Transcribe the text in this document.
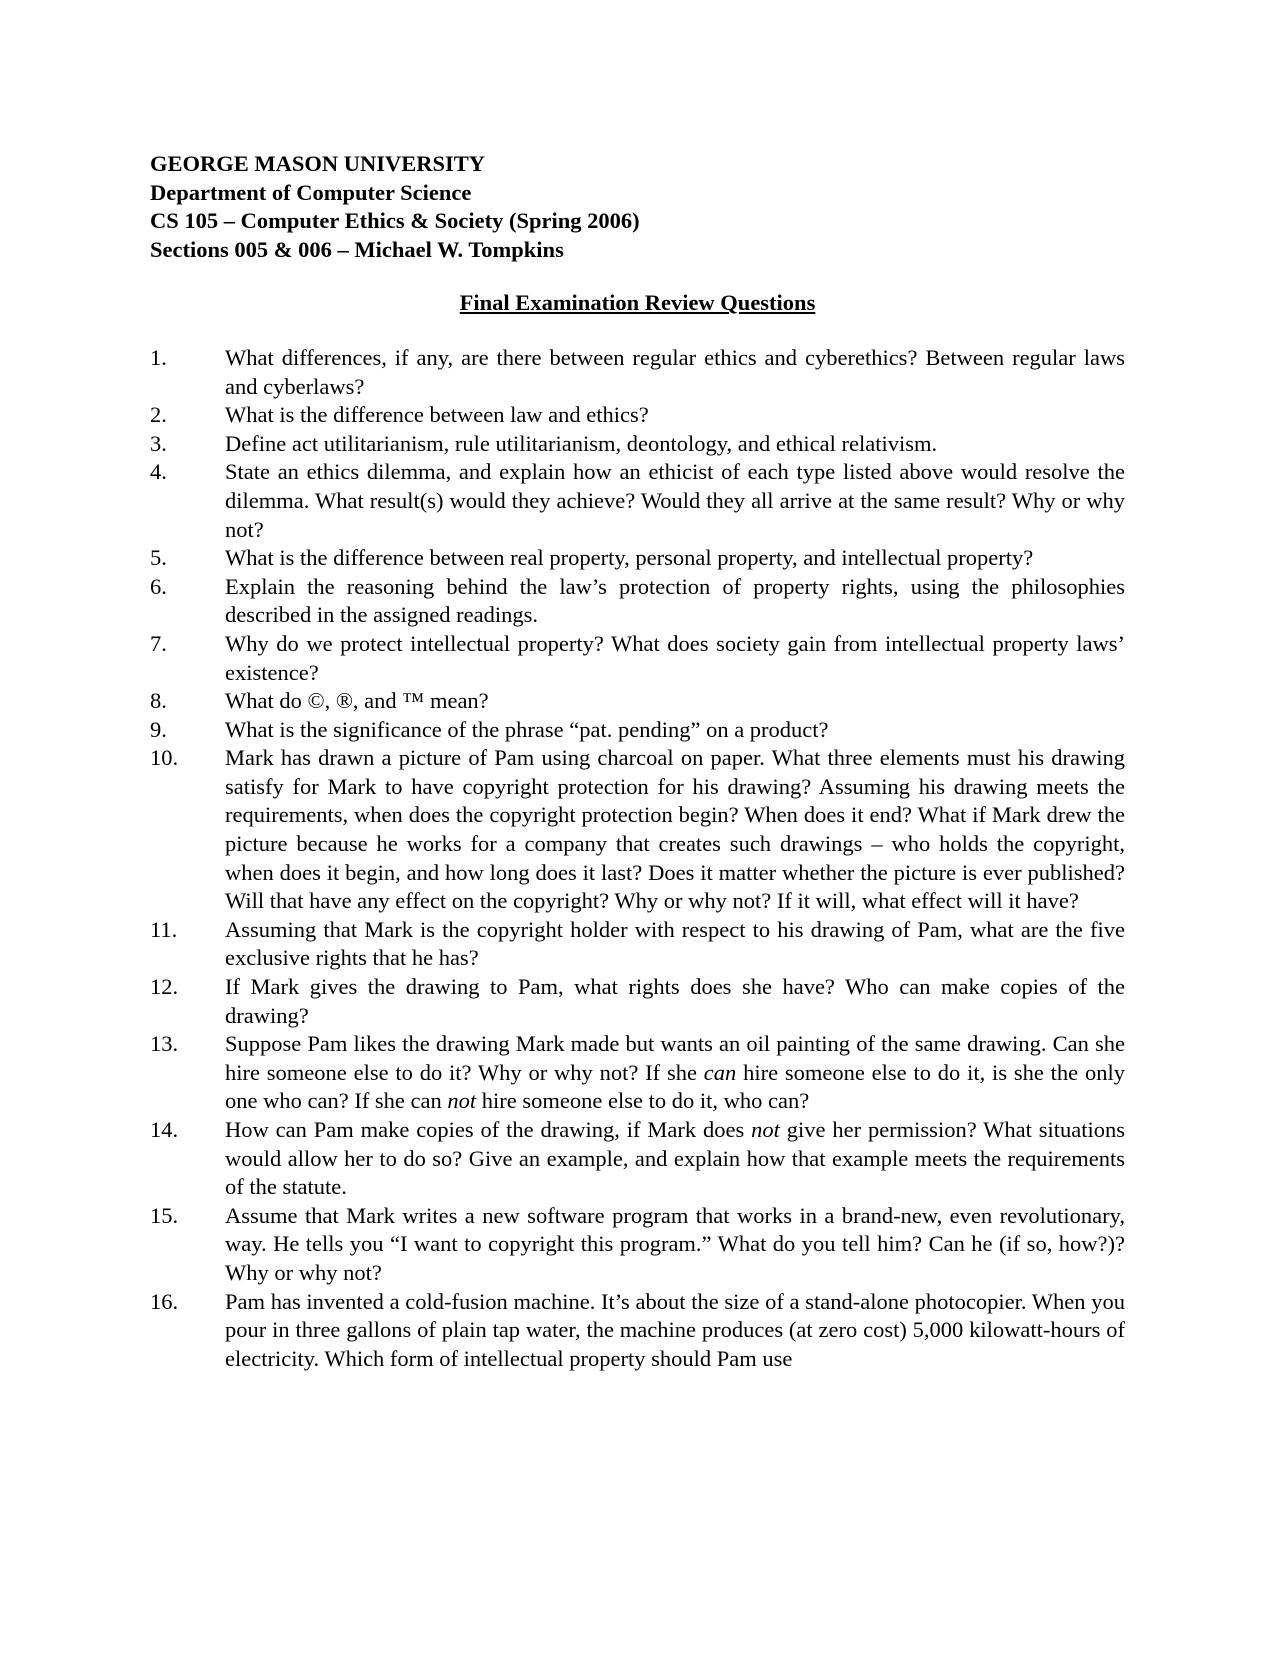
GEORGE MASON UNIVERSITY
Department of Computer Science
CS 105 – Computer Ethics & Society (Spring 2006)
Sections 005 & 006 – Michael W. Tompkins
Final Examination Review Questions
1.	What differences, if any, are there between regular ethics and cyberethics? Between regular laws and cyberlaws?
2.	What is the difference between law and ethics?
3.	Define act utilitarianism, rule utilitarianism, deontology, and ethical relativism.
4.	State an ethics dilemma, and explain how an ethicist of each type listed above would resolve the dilemma. What result(s) would they achieve? Would they all arrive at the same result? Why or why not?
5.	What is the difference between real property, personal property, and intellectual property?
6.	Explain the reasoning behind the law’s protection of property rights, using the philosophies described in the assigned readings.
7.	Why do we protect intellectual property? What does society gain from intellectual property laws’ existence?
8.	What do ©, ®, and ™ mean?
9.	What is the significance of the phrase “pat. pending” on a product?
10.	Mark has drawn a picture of Pam using charcoal on paper. What three elements must his drawing satisfy for Mark to have copyright protection for his drawing? Assuming his drawing meets the requirements, when does the copyright protection begin? When does it end? What if Mark drew the picture because he works for a company that creates such drawings – who holds the copyright, when does it begin, and how long does it last? Does it matter whether the picture is ever published? Will that have any effect on the copyright? Why or why not? If it will, what effect will it have?
11.	Assuming that Mark is the copyright holder with respect to his drawing of Pam, what are the five exclusive rights that he has?
12.	If Mark gives the drawing to Pam, what rights does she have? Who can make copies of the drawing?
13.	Suppose Pam likes the drawing Mark made but wants an oil painting of the same drawing. Can she hire someone else to do it? Why or why not? If she can hire someone else to do it, is she the only one who can? If she can not hire someone else to do it, who can?
14.	How can Pam make copies of the drawing, if Mark does not give her permission? What situations would allow her to do so? Give an example, and explain how that example meets the requirements of the statute.
15.	Assume that Mark writes a new software program that works in a brand-new, even revolutionary, way. He tells you “I want to copyright this program.” What do you tell him? Can he (if so, how?)? Why or why not?
16.	Pam has invented a cold-fusion machine. It’s about the size of a stand-alone photocopier. When you pour in three gallons of plain tap water, the machine produces (at zero cost) 5,000 kilowatt-hours of electricity. Which form of intellectual property should Pam use
